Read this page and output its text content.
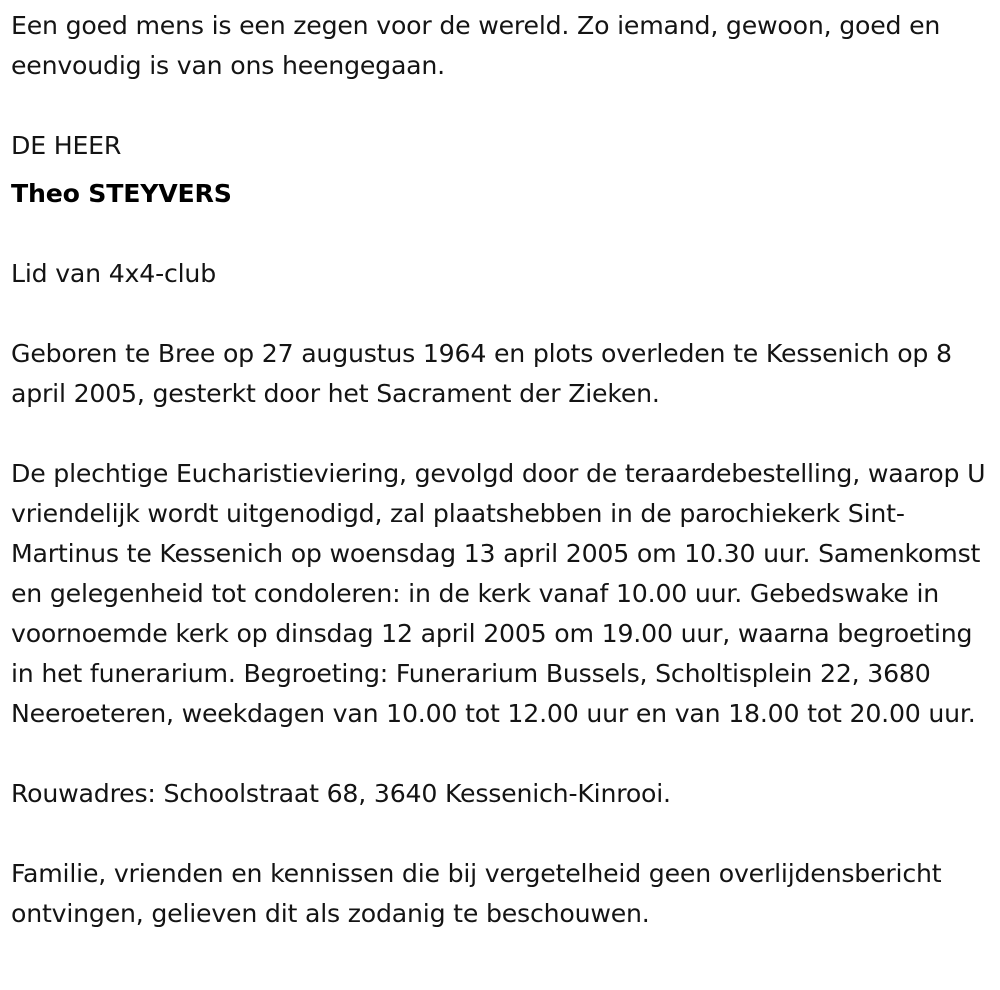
Een goed mens is een zegen voor de wereld. Zo iemand, gewoon, goed en eenvoudig is van ons heengegaan.

DE HEER

Theo STEYVERS

Lid van 4x4-club

Geboren te Bree op 27 augustus 1964 en plots overleden te Kessenich op 8 april 2005, gesterkt door het Sacrament der Zieken.

De plechtige Eucharistieviering, gevolgd door de teraardebestelling, waarop U vriendelijk wordt uitgenodigd, zal plaatshebben in de parochiekerk Sint-Martinus te Kessenich op woensdag 13 april 2005 om 10.30 uur. Samenkomst en gelegenheid tot condoleren: in de kerk vanaf 10.00 uur. Gebedswake in voornoemde kerk op dinsdag 12 april 2005 om 19.00 uur, waarna begroeting in het funerarium. Begroeting: Funerarium Bussels, Scholtisplein 22, 3680 Neeroeteren, weekdagen van 10.00 tot 12.00 uur en van 18.00 tot 20.00 uur.

Rouwadres: Schoolstraat 68, 3640 Kessenich-Kinrooi.

Familie, vrienden en kennissen die bij vergetelheid geen overlijdensbericht ontvingen, gelieven dit als zodanig te beschouwen.
